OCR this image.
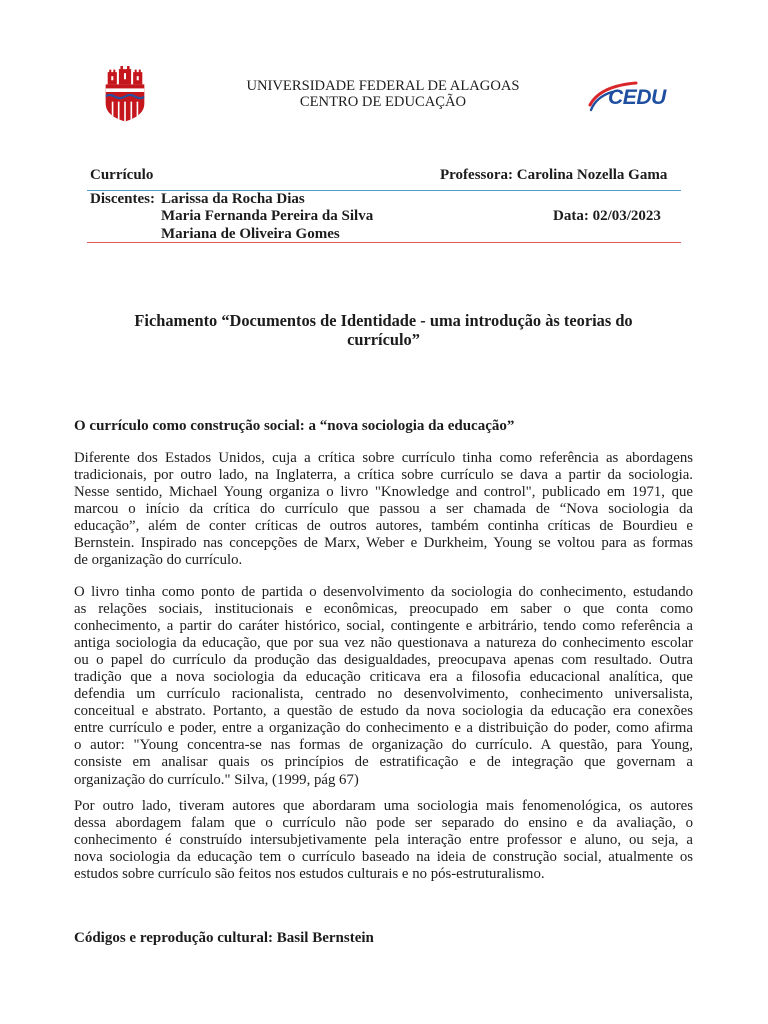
UNIVERSIDADE FEDERAL DE ALAGOAS
CENTRO DE EDUCAÇÃO	CEDU
Currículo	Professora: Carolina Nozella Gama
Discentes: Larissa da Rocha Dias
Maria Fernanda Pereira da Silva
Mariana de Oliveira Gomes
Data: 02/03/2023
Fichamento “Documentos de Identidade - uma introdução às teorias do
currículo”
O currículo como construção social: a “nova sociologia da educação”
Diferente dos Estados Unidos, cuja a crítica sobre currículo tinha como referência as abordagens
tradicionais, por outro lado, na Inglaterra, a crítica sobre currículo se dava a partir da sociologia.
Nesse sentido, Michael Young organiza o livro "Knowledge and control", publicado em 1971, que
marcou o início da crítica do currículo que passou a ser chamada de “Nova sociologia da
educação”, além de conter críticas de outros autores, também continha críticas de Bourdieu e
Bernstein. Inspirado nas concepções de Marx, Weber e Durkheim, Young se voltou para as formas
de organização do currículo.
O livro tinha como ponto de partida o desenvolvimento da sociologia do conhecimento, estudando
as relações sociais, institucionais e econômicas, preocupado em saber o que conta como
conhecimento, a partir do caráter histórico, social, contingente e arbitrário, tendo como referência a
antiga sociologia da educação, que por sua vez não questionava a natureza do conhecimento escolar
ou o papel do currículo da produção das desigualdades, preocupava apenas com resultado. Outra
tradição que a nova sociologia da educação criticava era a filosofia educacional analítica, que
defendia um currículo racionalista, centrado no desenvolvimento, conhecimento universalista,
conceitual e abstrato. Portanto, a questão de estudo da nova sociologia da educação era conexões
entre currículo e poder, entre a organização do conhecimento e a distribuição do poder, como afirma
o autor: "Young concentra-se nas formas de organização do currículo. A questão, para Young,
consiste em analisar quais os princípios de estratificação e de integração que governam a
organização do currículo." Silva, (1999, pág 67)
Por outro lado, tiveram autores que abordaram uma sociologia mais fenomenológica, os autores
dessa abordagem falam que o currículo não pode ser separado do ensino e da avaliação, o
conhecimento é construído intersubjetivamente pela interação entre professor e aluno, ou seja, a
nova sociologia da educação tem o currículo baseado na ideia de construção social, atualmente os
estudos sobre currículo são feitos nos estudos culturais e no pós-estruturalismo.
Códigos e reprodução cultural: Basil Bernstein
